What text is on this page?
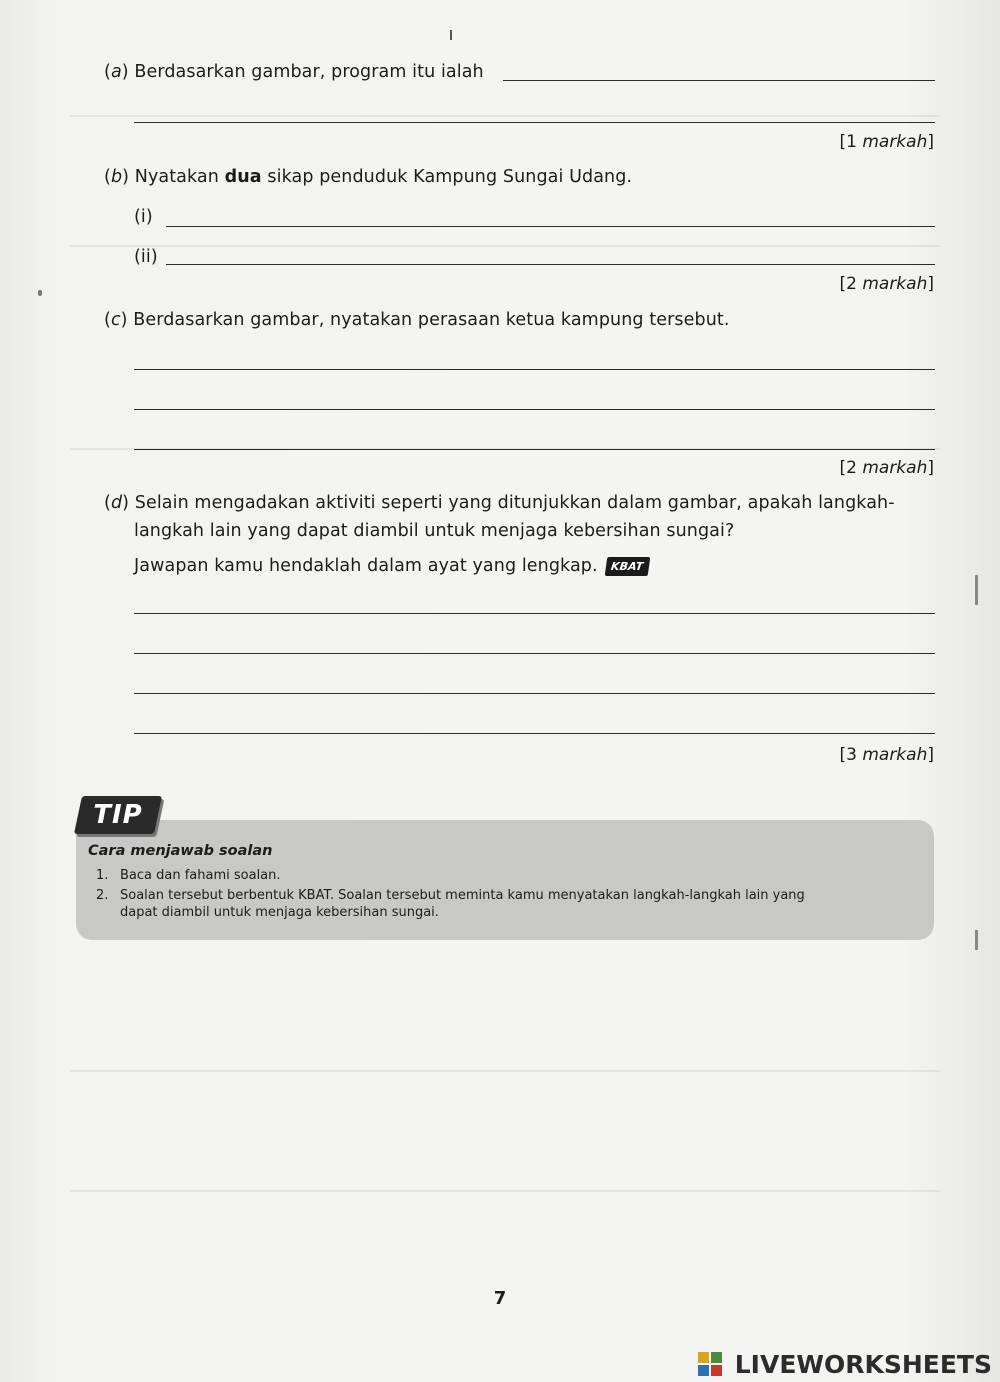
(a) Berdasarkan gambar, program itu ialah
[1 markah]
(b) Nyatakan dua sikap penduduk Kampung Sungai Udang.
(i)
(ii)
[2 markah]
(c) Berdasarkan gambar, nyatakan perasaan ketua kampung tersebut.
[2 markah]
(d) Selain mengadakan aktiviti seperti yang ditunjukkan dalam gambar, apakah langkah-
langkah lain yang dapat diambil untuk menjaga kebersihan sungai?
Jawapan kamu hendaklah dalam ayat yang lengkap. KBAT
[3 markah]
TIP
Cara menjawab soalan
1. Baca dan fahami soalan.
2. Soalan tersebut berbentuk KBAT. Soalan tersebut meminta kamu menyatakan langkah-langkah lain yang
dapat diambil untuk menjaga kebersihan sungai.
7
LIVEWORKSHEETS
